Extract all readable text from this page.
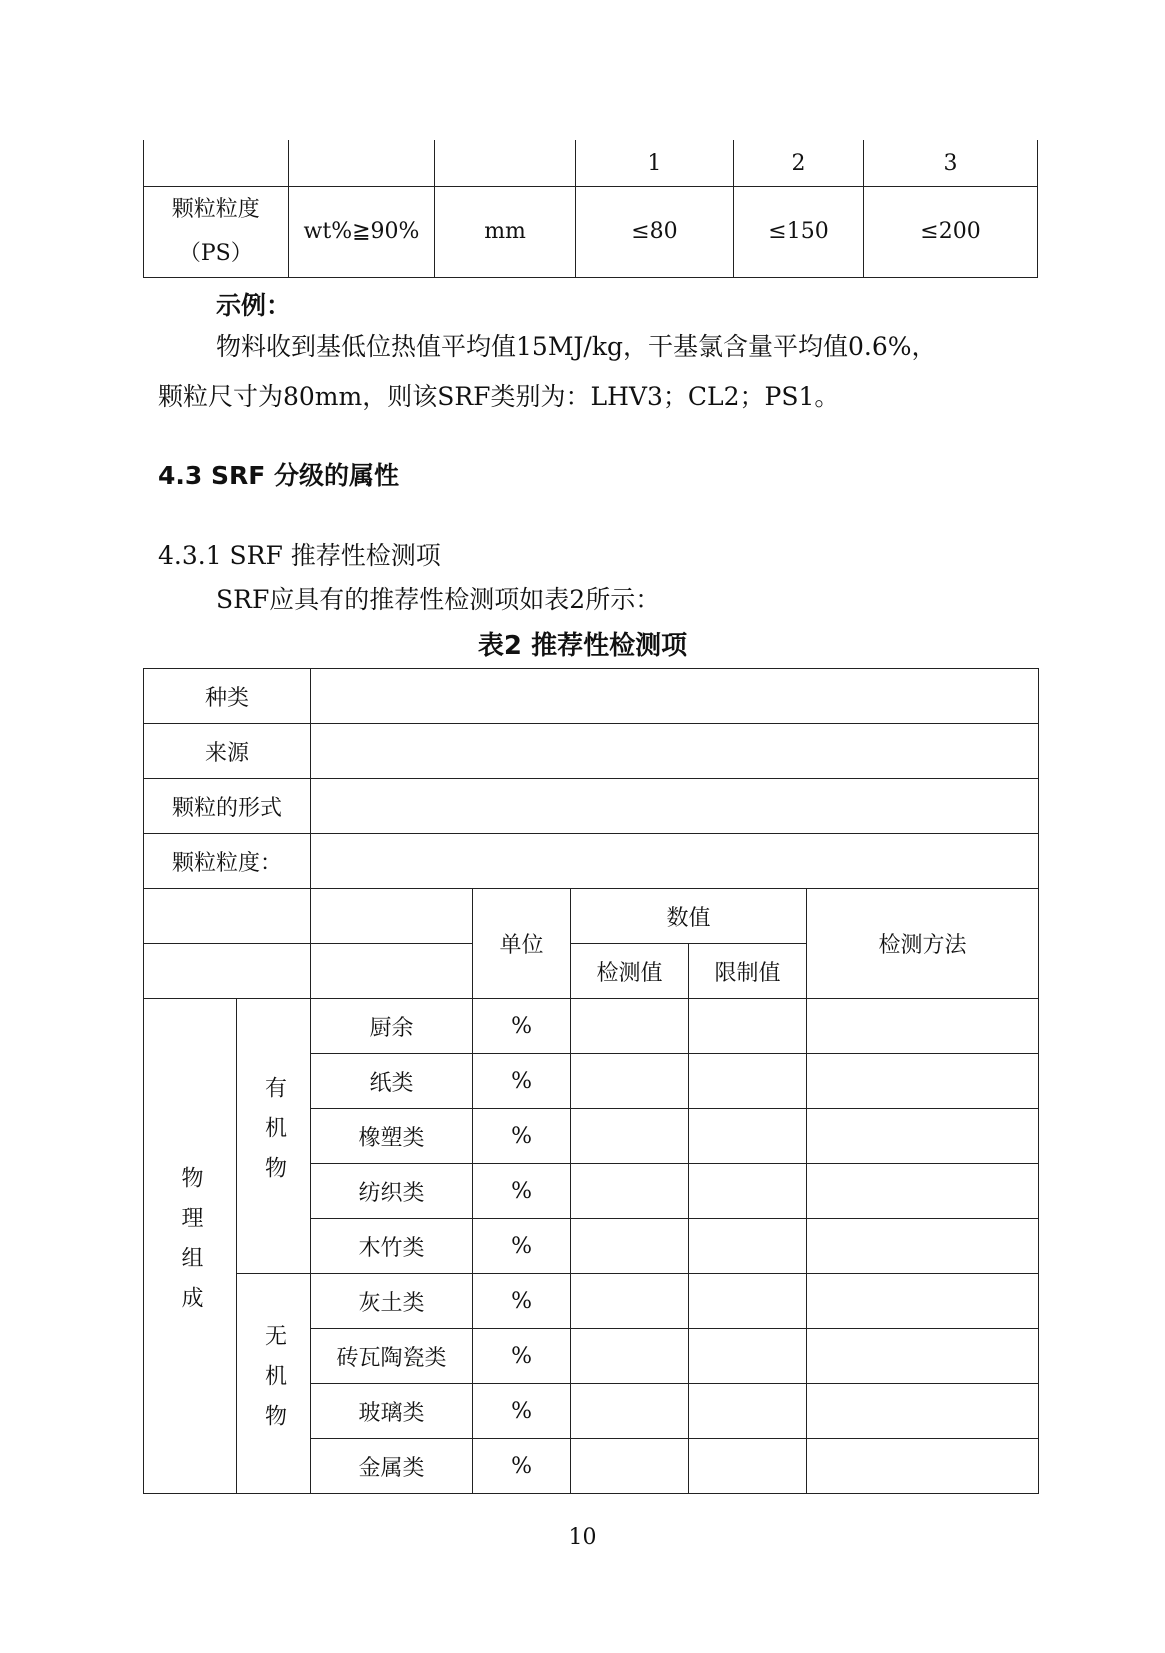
			1	2	3

颗粒粒度
（PS）	wt%≧90%	mm	≤80	≤150	≤200
示例：
物料收到基低位热值平均值15MJ/kg，干基氯含量平均值0.6%，
颗粒尺寸为80mm，则该SRF类别为：LHV3；CL2；PS1。
4.3 SRF 分级的属性
4.3.1 SRF 推荐性检测项
SRF应具有的推荐性检测项如表2所示：
表2 推荐性检测项
种类						
来源						
颗粒的形式						
颗粒粒度：						
			单位	数值		检测方法
				检测值	限制值	

物理组成	有机物	厨余	%			
		纸类	%			
		橡塑类	%			
		纺织类	%			
		木竹类	%			

	无机物	灰土类	%			
		砖瓦陶瓷类	%			
		玻璃类	%			
		金属类	%			
10
